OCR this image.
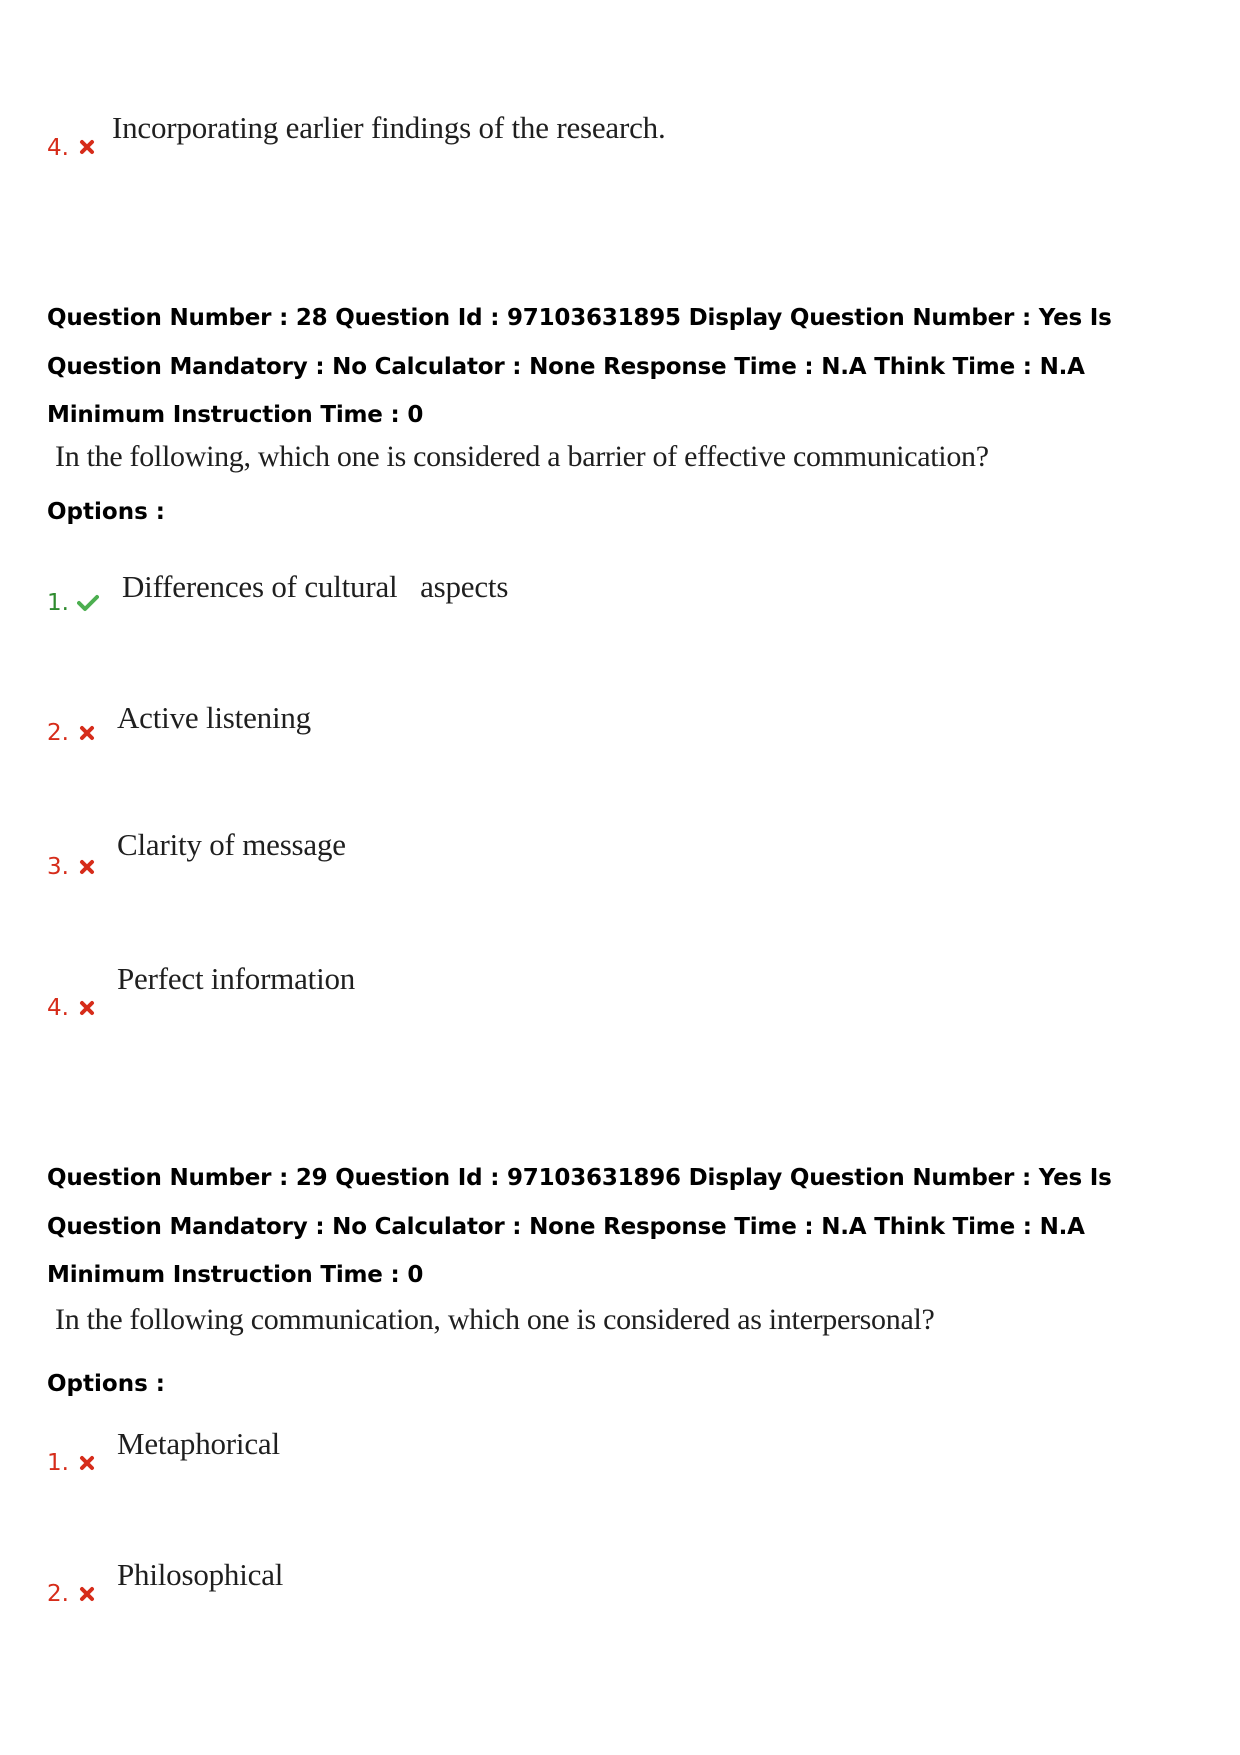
4.
Incorporating earlier findings of the research.

Question Number : 28 Question Id : 97103631895 Display Question Number : Yes Is Question Mandatory : No Calculator : None Response Time : N.A Think Time : N.A Minimum Instruction Time : 0

In the following, which one is considered a barrier of effective communication?
Options :
1. Differences of cultural   aspects
2. Active listening
3.
Clarity of message
4.
Perfect information

Question Number : 29 Question Id : 97103631896 Display Question Number : Yes Is Question Mandatory : No Calculator : None Response Time : N.A Think Time : N.A Minimum Instruction Time : 0

In the following communication, which one is considered as interpersonal?
Options :
1.
Metaphorical
2.
Philosophical
